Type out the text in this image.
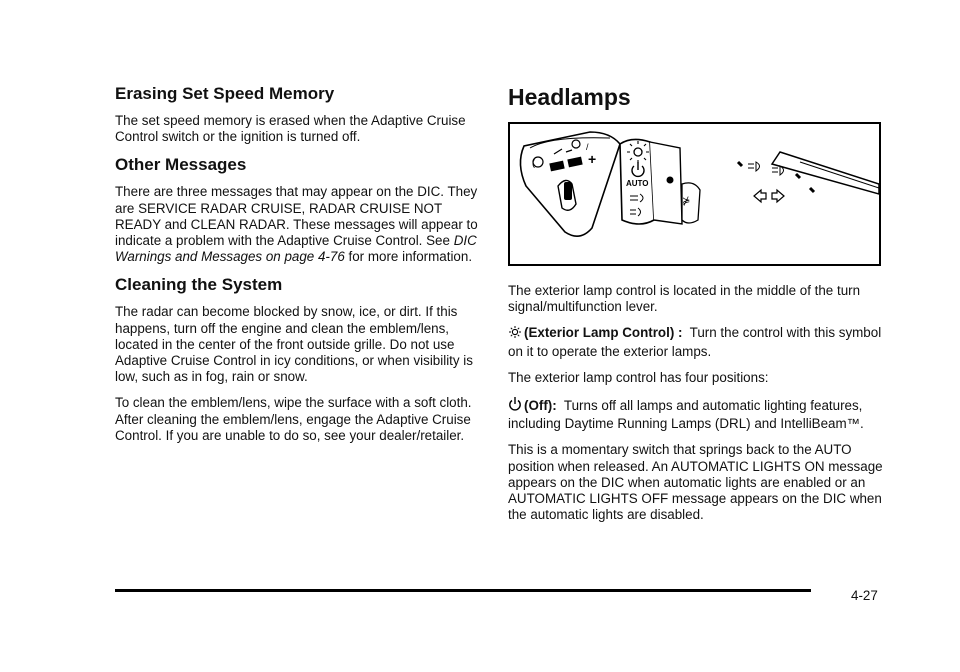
Erasing Set Speed Memory

The set speed memory is erased when the Adaptive Cruise Control switch or the ignition is turned off.

Other Messages

There are three messages that may appear on the DIC. They are SERVICE RADAR CRUISE, RADAR CRUISE NOT READY and CLEAN RADAR. These messages will appear to indicate a problem with the Adaptive Cruise Control. See DIC Warnings and Messages on page 4-76 for more information.

Cleaning the System

The radar can become blocked by snow, ice, or dirt. If this happens, turn off the engine and clean the emblem/lens, located in the center of the front outside grille. Do not use Adaptive Cruise Control in icy conditions, or when visibility is low, such as in fog, rain or snow.

To clean the emblem/lens, wipe the surface with a soft cloth. After cleaning the emblem/lens, engage the Adaptive Cruise Control. If you are unable to do so, see your dealer/retailer.

Headlamps
(
/
+
AUTO
⋡

The exterior lamp control is located in the middle of the turn signal/multifunction lever.

(Exterior Lamp Control) : Turn the control with this symbol on it to operate the exterior lamps.

The exterior lamp control has four positions:

(Off): Turns off all lamps and automatic lighting features, including Daytime Running Lamps (DRL) and IntelliBeam™.

This is a momentary switch that springs back to the AUTO position when released. An AUTOMATIC LIGHTS ON message appears on the DIC when automatic lights are enabled or an AUTOMATIC LIGHTS OFF message appears on the DIC when the automatic lights are disabled.

4-27
